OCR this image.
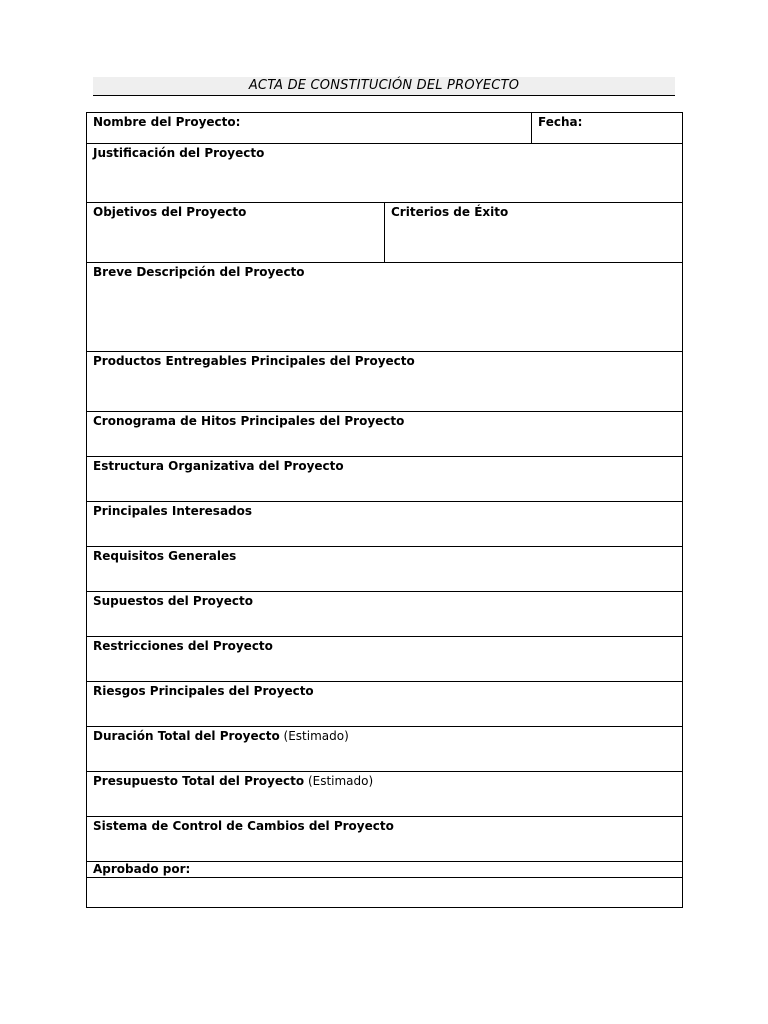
ACTA DE CONSTITUCIÓN DEL PROYECTO
Nombre del Proyecto:		Fecha:
Justificación del Proyecto		
Objetivos del Proyecto	Criterios de Éxito	
Breve Descripción del Proyecto		
Productos Entregables Principales del Proyecto		
Cronograma de Hitos Principales del Proyecto		
Estructura Organizativa del Proyecto		
Principales Interesados		
Requisitos Generales		
Supuestos del Proyecto		
Restricciones del Proyecto		
Riesgos Principales del Proyecto		
Duración Total del Proyecto (Estimado)		
Presupuesto Total del Proyecto (Estimado)		
Sistema de Control de Cambios del Proyecto		
Aprobado por:		
